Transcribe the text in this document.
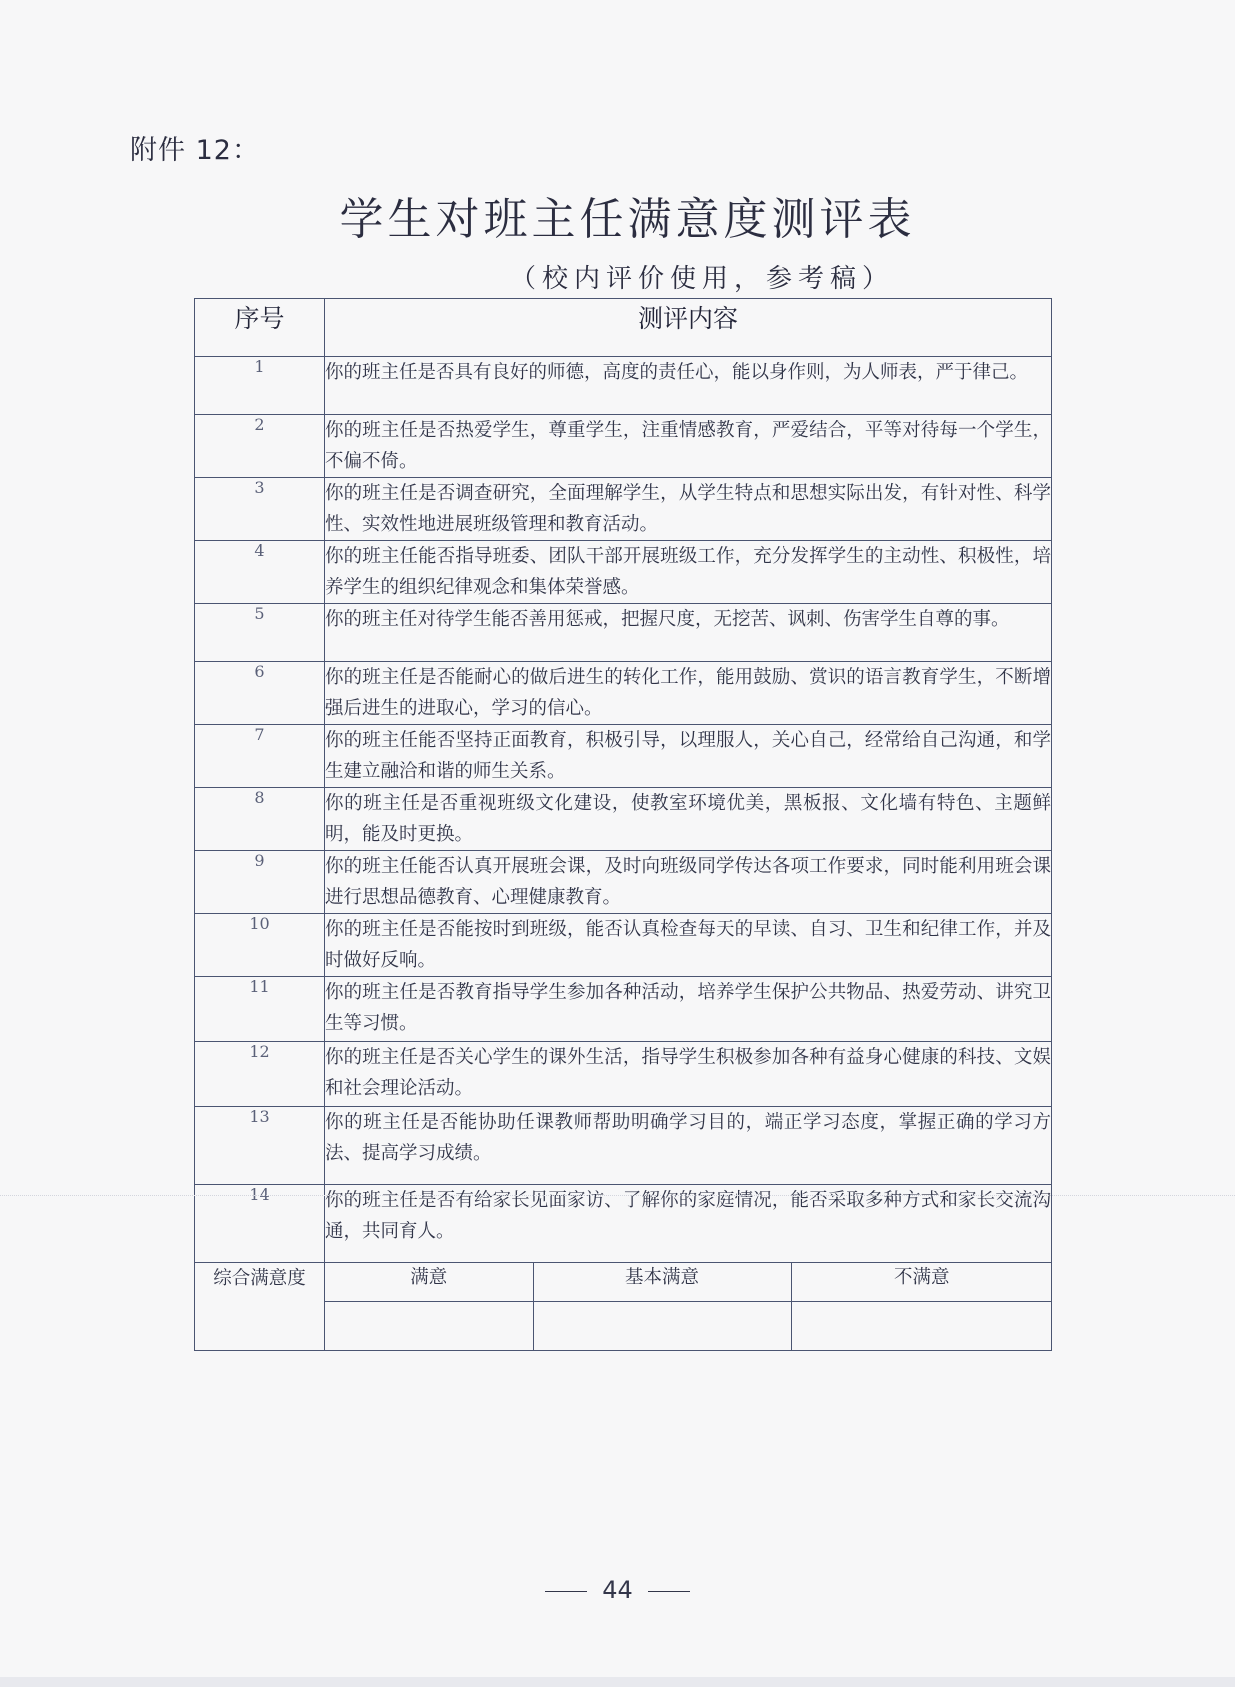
附件 12：
学生对班主任满意度测评表
（校内评价使用，参考稿）
序号	测评内容
1	你的班主任是否具有良好的师德，高度的责任心，能以身作则，为人师表，严于律己。
2	你的班主任是否热爱学生，尊重学生，注重情感教育，严爱结合，平等对待每一个学生，不偏不倚。
3	你的班主任是否调查研究，全面理解学生，从学生特点和思想实际出发，有针对性、科学性、实效性地进展班级管理和教育活动。
4	你的班主任能否指导班委、团队干部开展班级工作，充分发挥学生的主动性、积极性，培养学生的组织纪律观念和集体荣誉感。
5	你的班主任对待学生能否善用惩戒，把握尺度，无挖苦、讽刺、伤害学生自尊的事。
6	你的班主任是否能耐心的做后进生的转化工作，能用鼓励、赏识的语言教育学生，不断增强后进生的进取心，学习的信心。
7	你的班主任能否坚持正面教育，积极引导，以理服人，关心自己，经常给自己沟通，和学生建立融洽和谐的师生关系。
8	你的班主任是否重视班级文化建设，使教室环境优美，黑板报、文化墙有特色、主题鲜明，能及时更换。
9	你的班主任能否认真开展班会课，及时向班级同学传达各项工作要求，同时能利用班会课进行思想品德教育、心理健康教育。
10	你的班主任是否能按时到班级，能否认真检查每天的早读、自习、卫生和纪律工作，并及时做好反响。
11	你的班主任是否教育指导学生参加各种活动，培养学生保护公共物品、热爱劳动、讲究卫生等习惯。
12	你的班主任是否关心学生的课外生活，指导学生积极参加各种有益身心健康的科技、文娱和社会理论活动。
13	你的班主任是否能协助任课教师帮助明确学习目的，端正学习态度，掌握正确的学习方法、提高学习成绩。
14	你的班主任是否有给家长见面家访、了解你的家庭情况，能否采取多种方式和家长交流沟通，共同育人。
综合满意度		满意	基本满意	不满意

44
